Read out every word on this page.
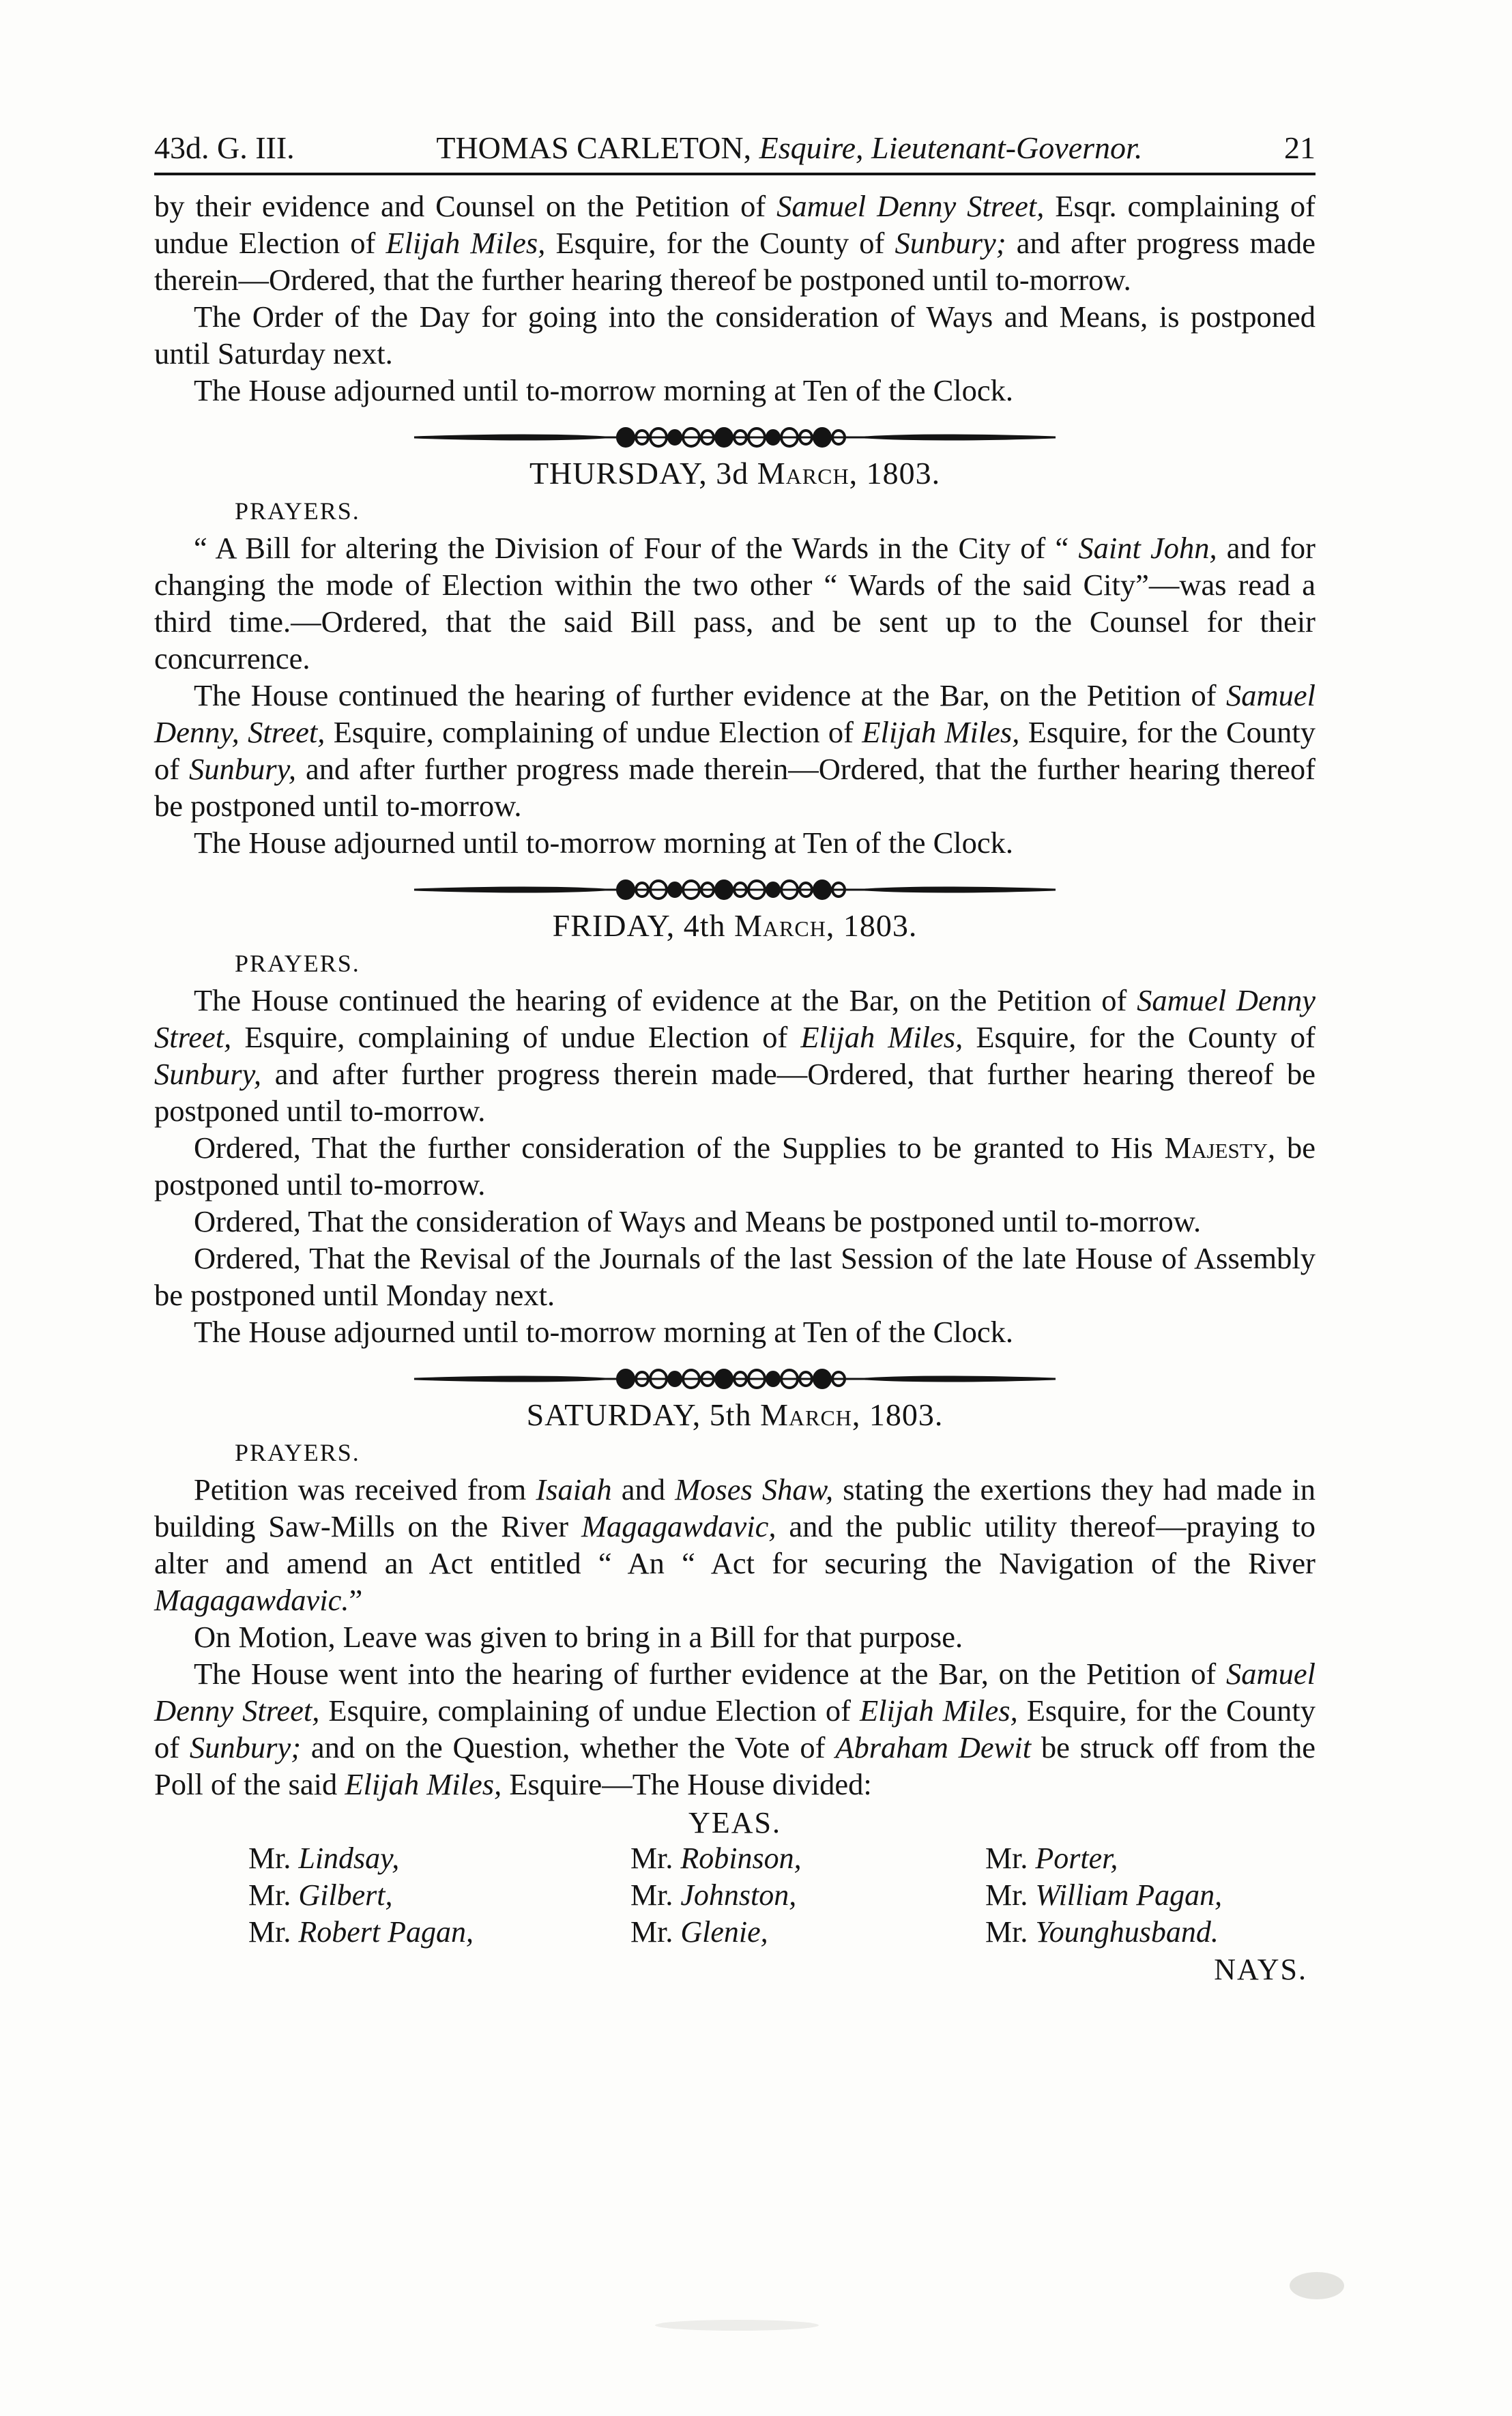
43d. G. III.	THOMAS CARLETON, Esquire, Lieutenant-Governor.	21

by their evidence and Counsel on the Petition of Samuel Denny Street, Esqr. complaining of undue Election of Elijah Miles, Esquire, for the County of Sunbury; and after progress made therein—Ordered, that the further hearing thereof be postponed until to-morrow.

The Order of the Day for going into the consideration of Ways and Means, is postponed until Saturday next.

The House adjourned until to-morrow morning at Ten of the Clock.

THURSDAY, 3d March, 1803.
PRAYERS.

“ A Bill for altering the Division of Four of the Wards in the City of “ Saint John, and for changing the mode of Election within the two other “ Wards of the said City”—was read a third time.—Ordered, that the said Bill pass, and be sent up to the Counsel for their concurrence.

The House continued the hearing of further evidence at the Bar, on the Petition of Samuel Denny, Street, Esquire, complaining of undue Election of Elijah Miles, Esquire, for the County of Sunbury, and after further progress made therein—Ordered, that the further hearing thereof be postponed until to-morrow.

The House adjourned until to-morrow morning at Ten of the Clock.

FRIDAY, 4th March, 1803.
PRAYERS.

The House continued the hearing of evidence at the Bar, on the Petition of Samuel Denny Street, Esquire, complaining of undue Election of Elijah Miles, Esquire, for the County of Sunbury, and after further progress therein made—Ordered, that further hearing thereof be postponed until to-morrow.

Ordered, That the further consideration of the Supplies to be granted to His Majesty, be postponed until to-morrow.

Ordered, That the consideration of Ways and Means be postponed until to-morrow.

Ordered, That the Revisal of the Journals of the last Session of the late House of Assembly be postponed until Monday next.

The House adjourned until to-morrow morning at Ten of the Clock.

SATURDAY, 5th March, 1803.
PRAYERS.

Petition was received from Isaiah and Moses Shaw, stating the exertions they had made in building Saw-Mills on the River Magagawdavic, and the public utility thereof—praying to alter and amend an Act entitled “ An “ Act for securing the Navigation of the River Magagawdavic.”

On Motion, Leave was given to bring in a Bill for that purpose.

The House went into the hearing of further evidence at the Bar, on the Petition of Samuel Denny Street, Esquire, complaining of undue Election of Elijah Miles, Esquire, for the County of Sunbury; and on the Question, whether the Vote of Abraham Dewit be struck off from the Poll of the said Elijah Miles, Esquire—The House divided:

YEAS.
Mr. Lindsay,	Mr. Robinson,	Mr. Porter,
Mr. Gilbert,	Mr. Johnston,	Mr. William Pagan,
Mr. Robert Pagan,	Mr. Glenie,	Mr. Younghusband.
NAYS.
